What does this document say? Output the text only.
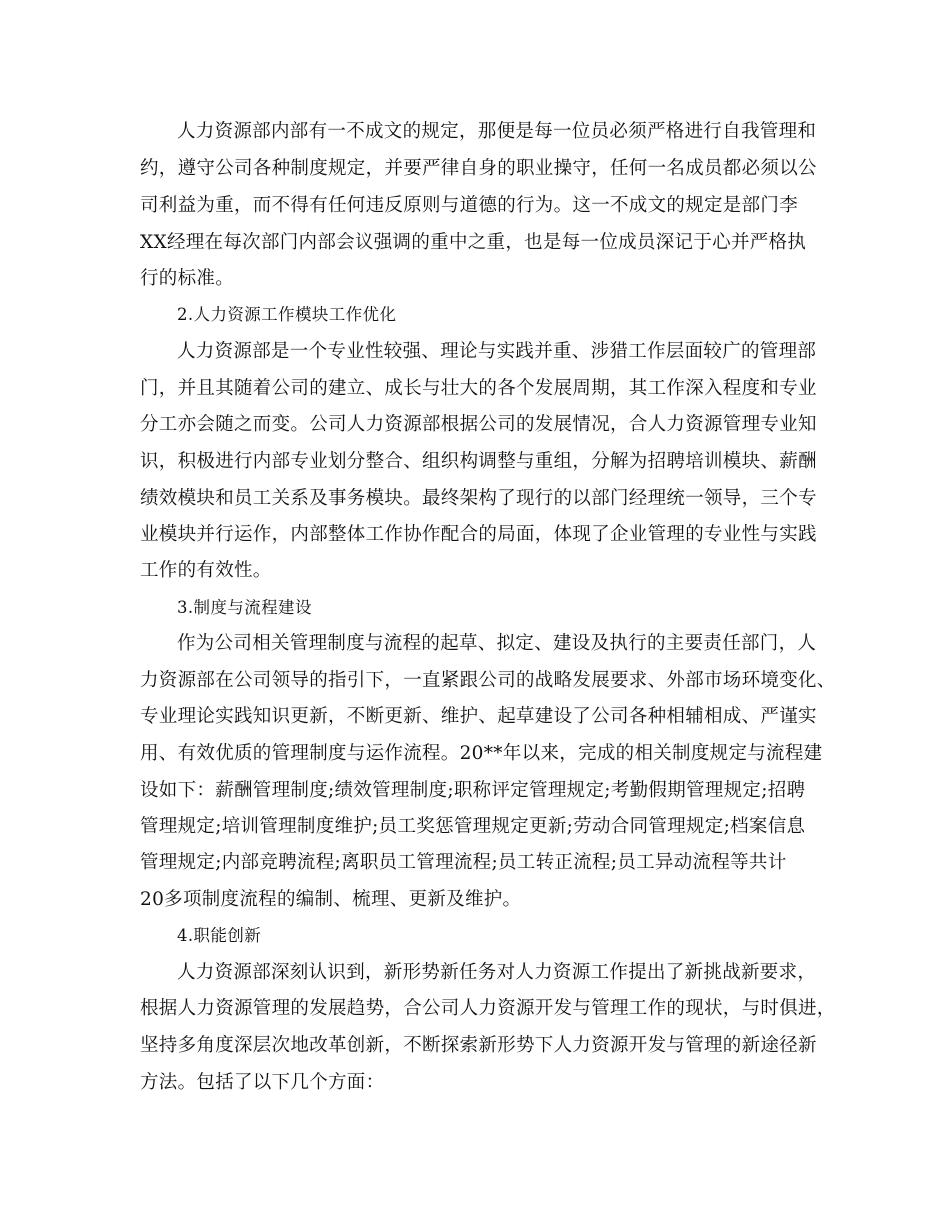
人力资源部内部有一不成文的规定，那便是每一位员必须严格进行自我管理和
约，遵守公司各种制度规定，并要严律自身的职业操守，任何一名成员都必须以公
司利益为重，而不得有任何违反原则与道德的行为。这一不成文的规定是部门李
XX经理在每次部门内部会议强调的重中之重，也是每一位成员深记于心并严格执
行的标准。
2.人力资源工作模块工作优化
人力资源部是一个专业性较强、理论与实践并重、涉猎工作层面较广的管理部
门，并且其随着公司的建立、成长与壮大的各个发展周期，其工作深入程度和专业
分工亦会随之而变。公司人力资源部根据公司的发展情况，合人力资源管理专业知
识，积极进行内部专业划分整合、组织构调整与重组，分解为招聘培训模块、薪酬
绩效模块和员工关系及事务模块。最终架构了现行的以部门经理统一领导，三个专
业模块并行运作，内部整体工作协作配合的局面，体现了企业管理的专业性与实践
工作的有效性。
3.制度与流程建设
作为公司相关管理制度与流程的起草、拟定、建设及执行的主要责任部门，人
力资源部在公司领导的指引下，一直紧跟公司的战略发展要求、外部市场环境变化、
专业理论实践知识更新，不断更新、维护、起草建设了公司各种相辅相成、严谨实
用、有效优质的管理制度与运作流程。20**年以来，完成的相关制度规定与流程建
设如下：薪酬管理制度;绩效管理制度;职称评定管理规定;考勤假期管理规定;招聘
管理规定;培训管理制度维护;员工奖惩管理规定更新;劳动合同管理规定;档案信息
管理规定;内部竞聘流程;离职员工管理流程;员工转正流程;员工异动流程等共计
20多项制度流程的编制、梳理、更新及维护。
4.职能创新
人力资源部深刻认识到，新形势新任务对人力资源工作提出了新挑战新要求，
根据人力资源管理的发展趋势，合公司人力资源开发与管理工作的现状，与时俱进，
坚持多角度深层次地改革创新，不断探索新形势下人力资源开发与管理的新途径新
方法。包括了以下几个方面：
